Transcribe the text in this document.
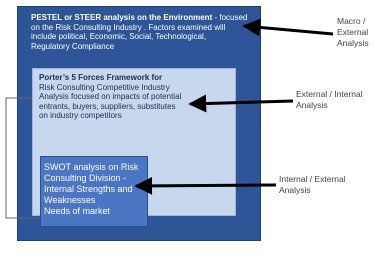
PESTEL or STEER analysis on the Environment - focused
on the Risk Consulting Industry . Factors examined will
include political, Economic, Social, Technological,
Regulatory Compliance
Porter’s 5 Forces Framework for
Risk Consulting Competitive Industry
Analysis focused on impacts of potential
entrants, buyers, suppliers, substitutes
on industry competitors
SWOT analysis on Risk
Consulting Division -
Internal Strengths and
Weaknesses
Needs of market
Macro /
External
Analysis
External / Internal
Analysis
Internal / External
Analysis
